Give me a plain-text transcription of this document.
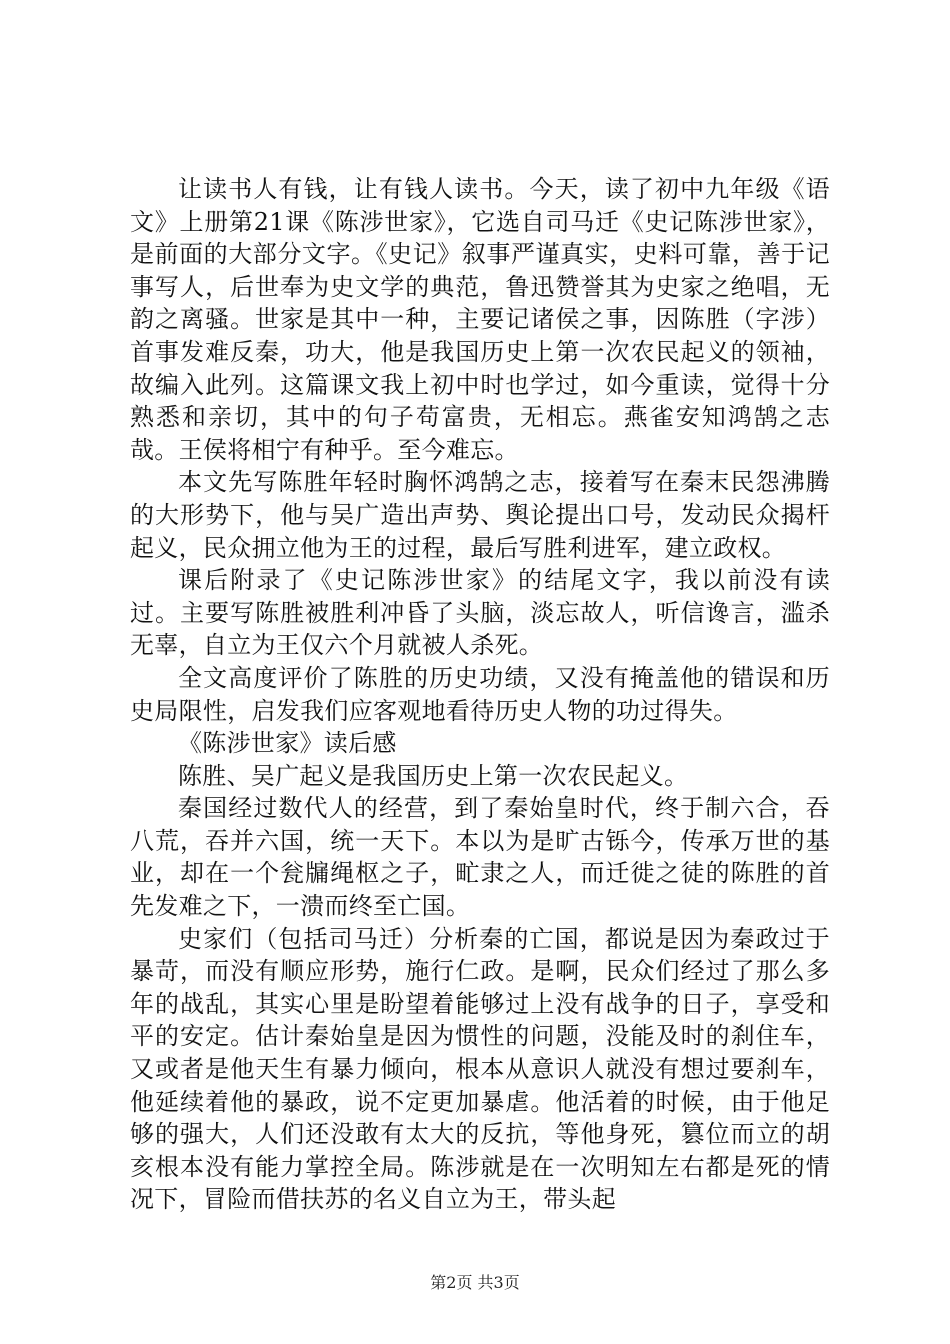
让读书人有钱，让有钱人读书。今天，读了初中九年级《语文》上册第21课《陈涉世家》，它选自司马迁《史记陈涉世家》，是前面的大部分文字。《史记》叙事严谨真实，史料可靠，善于记事写人，后世奉为史文学的典范，鲁迅赞誉其为史家之绝唱，无韵之离骚。世家是其中一种，主要记诸侯之事，因陈胜（字涉）首事发难反秦，功大，他是我国历史上第一次农民起义的领袖，故编入此列。这篇课文我上初中时也学过，如今重读，觉得十分熟悉和亲切，其中的句子苟富贵，无相忘。燕雀安知鸿鹄之志哉。王侯将相宁有种乎。至今难忘。

本文先写陈胜年轻时胸怀鸿鹄之志，接着写在秦末民怨沸腾的大形势下，他与吴广造出声势、舆论提出口号，发动民众揭杆起义，民众拥立他为王的过程，最后写胜利进军，建立政权。

课后附录了《史记陈涉世家》的结尾文字，我以前没有读过。主要写陈胜被胜利冲昏了头脑，淡忘故人，听信谗言，滥杀无辜，自立为王仅六个月就被人杀死。

全文高度评价了陈胜的历史功绩，又没有掩盖他的错误和历史局限性，启发我们应客观地看待历史人物的功过得失。

《陈涉世家》读后感

陈胜、吴广起义是我国历史上第一次农民起义。

秦国经过数代人的经营，到了秦始皇时代，终于制六合，吞八荒，吞并六国，统一天下。本以为是旷古铄今，传承万世的基业，却在一个瓮牖绳枢之子，甿隶之人，而迁徙之徒的陈胜的首先发难之下，一溃而终至亡国。

史家们（包括司马迁）分析秦的亡国，都说是因为秦政过于暴苛，而没有顺应形势，施行仁政。是啊，民众们经过了那么多年的战乱，其实心里是盼望着能够过上没有战争的日子，享受和平的安定。估计秦始皇是因为惯性的问题，没能及时的刹住车，又或者是他天生有暴力倾向，根本从意识人就没有想过要刹车，他延续着他的暴政，说不定更加暴虐。他活着的时候，由于他足够的强大，人们还没敢有太大的反抗，等他身死，篡位而立的胡亥根本没有能力掌控全局。陈涉就是在一次明知左右都是死的情况下，冒险而借扶苏的名义自立为王，带头起

第2页 共3页
